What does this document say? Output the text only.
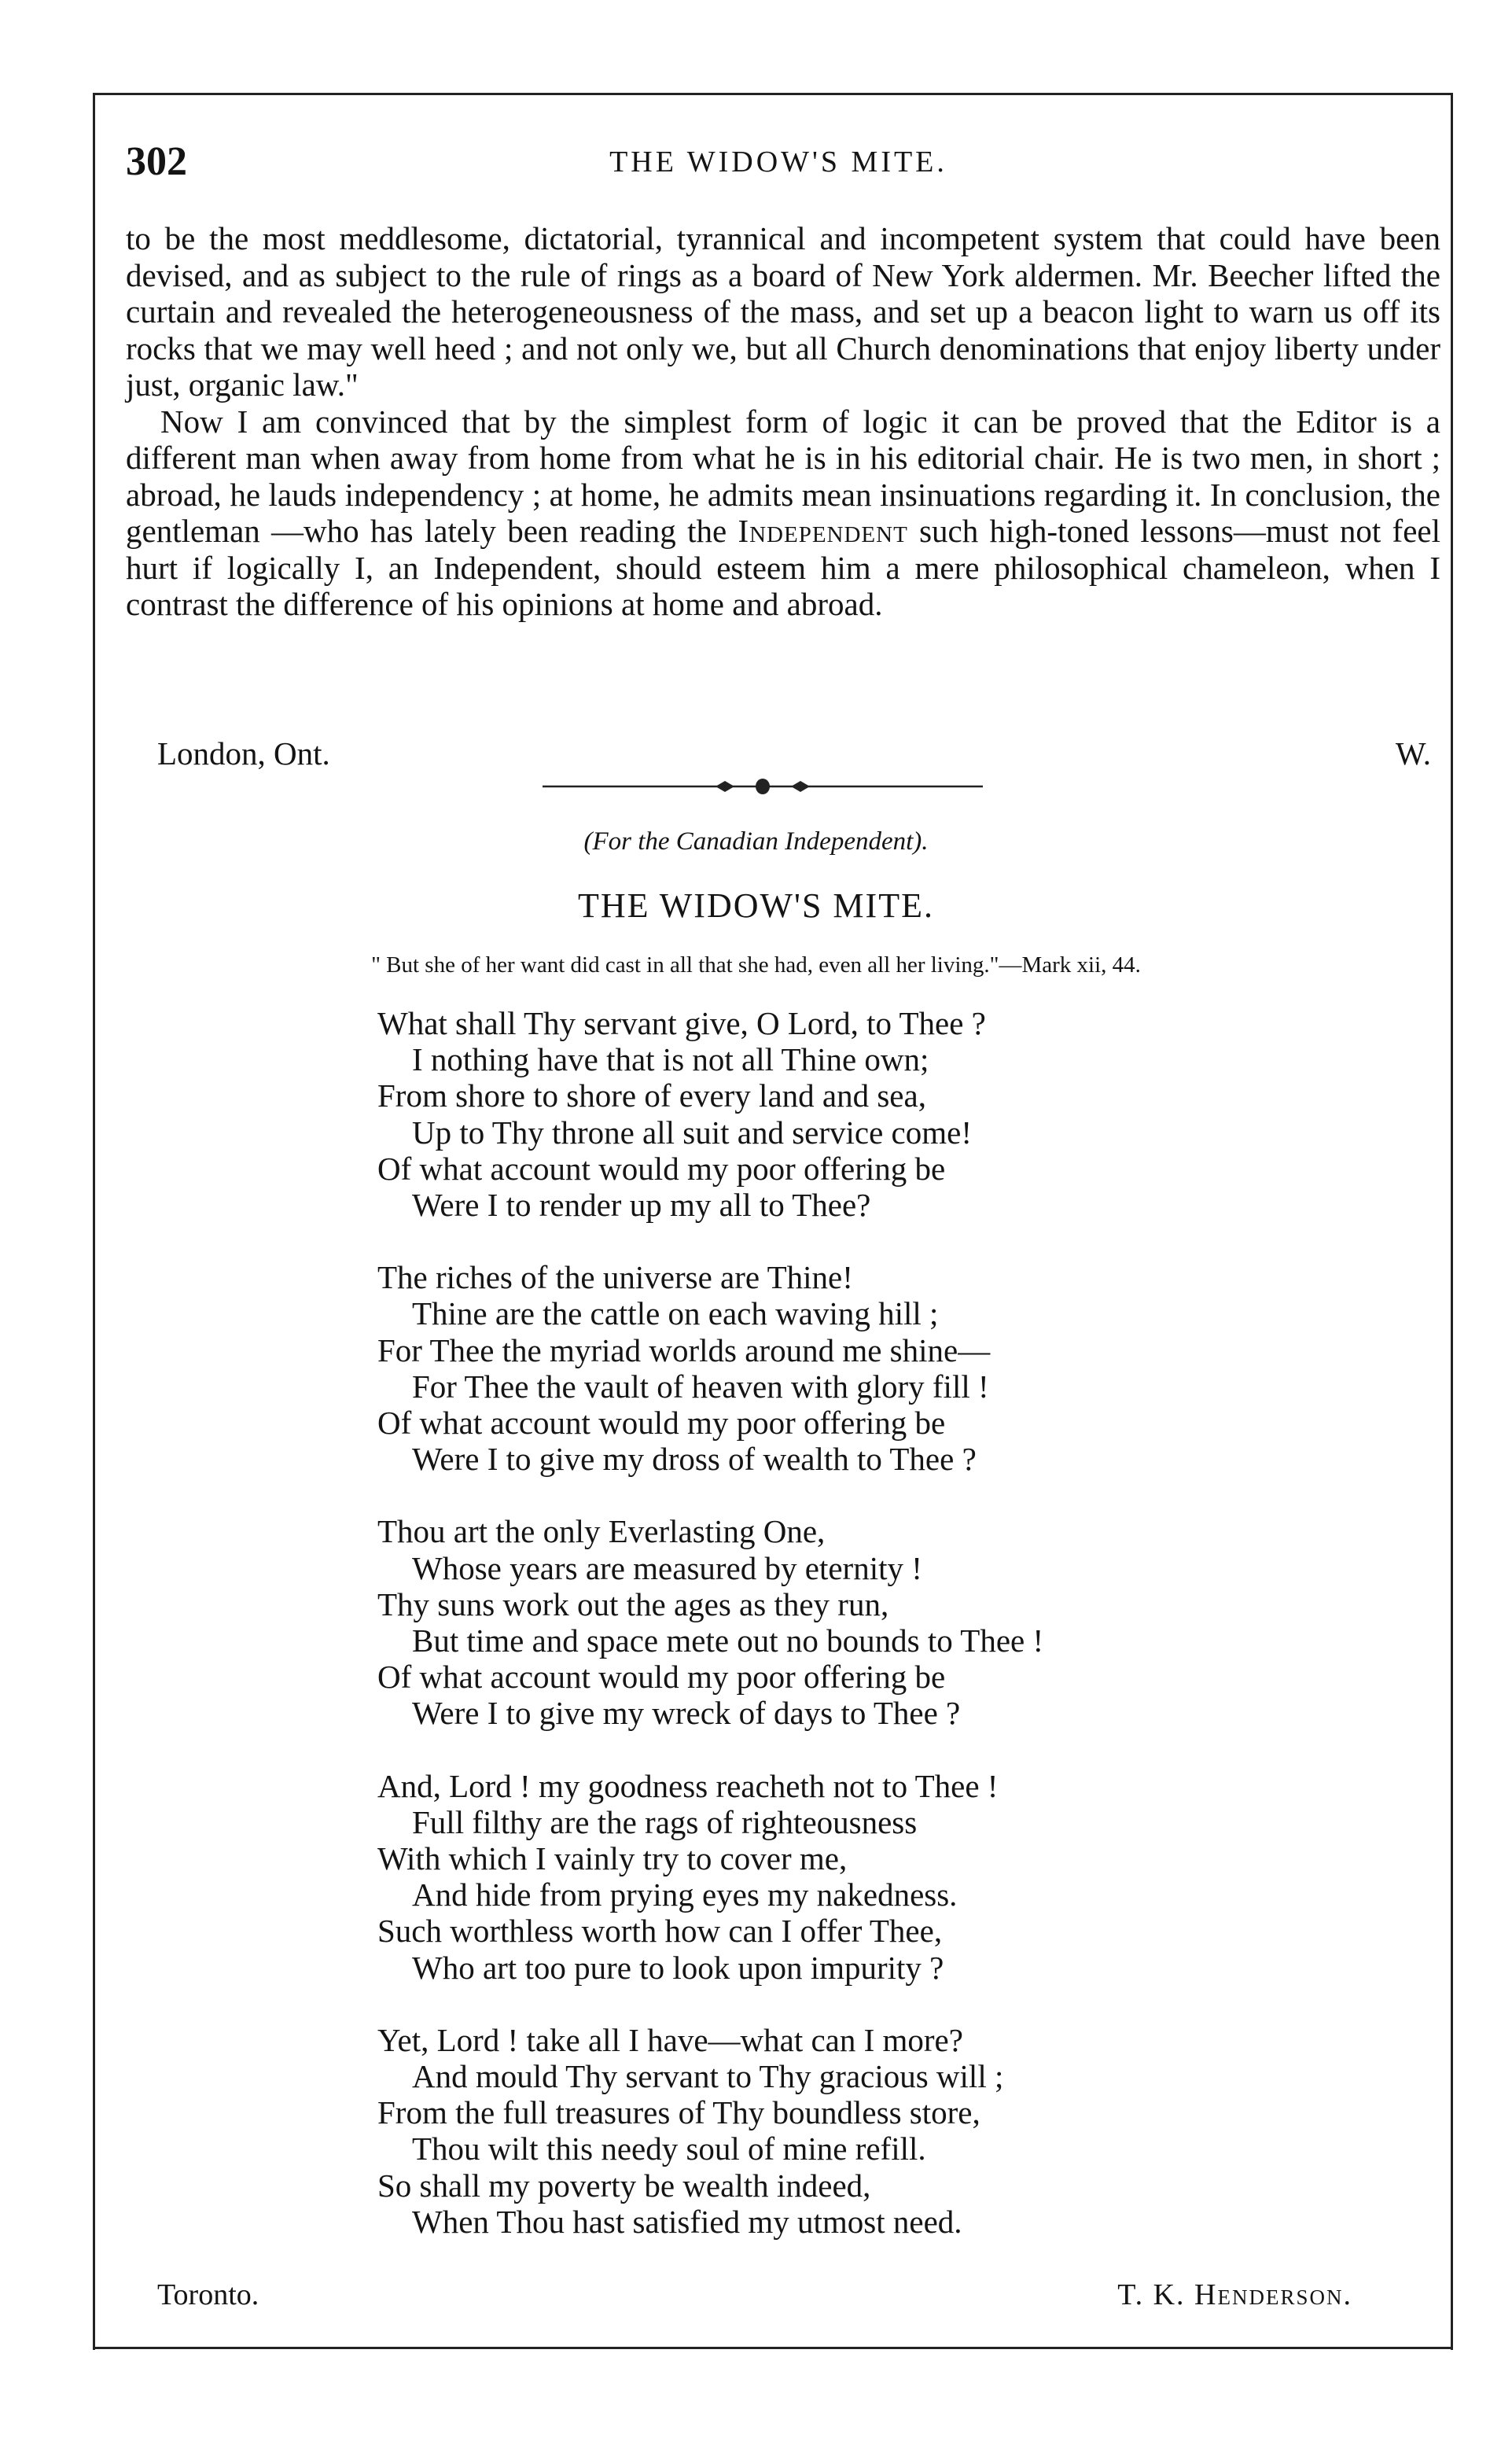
302	THE WIDOW'S MITE.

to be the most meddlesome, dictatorial, tyrannical and incompetent system that could have been devised, and as subject to the rule of rings as a board of New York aldermen. Mr. Beecher lifted the curtain and revealed the heterogeneousness of the mass, and set up a beacon light to warn us off its rocks that we may well heed ; and not only we, but all Church denominations that enjoy liberty under just, organic law."

Now I am convinced that by the simplest form of logic it can be proved that the Editor is a different man when away from home from what he is in his editorial chair. He is two men, in short ; abroad, he lauds independency ; at home, he admits mean insinuations regarding it. In conclusion, the gentleman —who has lately been reading the Independent such high-toned lessons—must not feel hurt if logically I, an Independent, should esteem him a mere philosophical chameleon, when I contrast the difference of his opinions at home and abroad.

London, Ont.	W.
(For the Canadian Independent).
THE WIDOW'S MITE.
" But she of her want did cast in all that she had, even all her living."—Mark xii, 44.
What shall Thy servant give, O Lord, to Thee ?
I nothing have that is not all Thine own;
From shore to shore of every land and sea,
Up to Thy throne all suit and service come!
Of what account would my poor offering be
Were I to render up my all to Thee?
The riches of the universe are Thine!
Thine are the cattle on each waving hill ;
For Thee the myriad worlds around me shine—
For Thee the vault of heaven with glory fill !
Of what account would my poor offering be
Were I to give my dross of wealth to Thee ?
Thou art the only Everlasting One,
Whose years are measured by eternity !
Thy suns work out the ages as they run,
But time and space mete out no bounds to Thee !
Of what account would my poor offering be
Were I to give my wreck of days to Thee ?
And, Lord ! my goodness reacheth not to Thee !
Full filthy are the rags of righteousness
With which I vainly try to cover me,
And hide from prying eyes my nakedness.
Such worthless worth how can I offer Thee,
Who art too pure to look upon impurity ?
Yet, Lord ! take all I have—what can I more?
And mould Thy servant to Thy gracious will ;
From the full treasures of Thy boundless store,
Thou wilt this needy soul of mine refill.
So shall my poverty be wealth indeed,
When Thou hast satisfied my utmost need.
Toronto.	T. K. Henderson.
